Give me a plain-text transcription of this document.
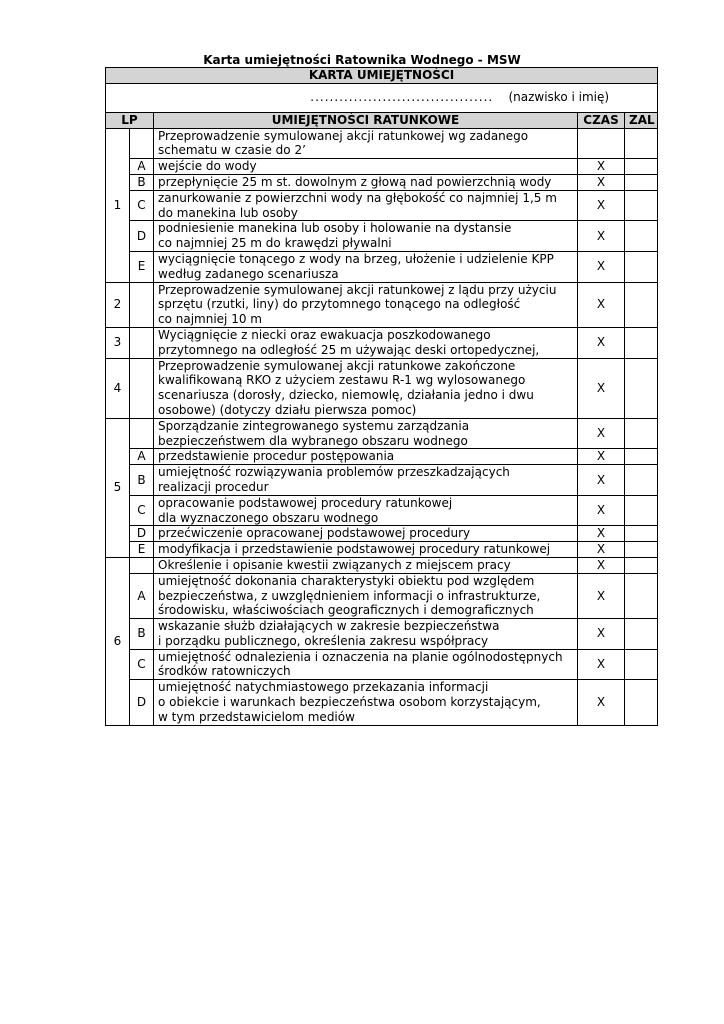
Karta umiejętności Ratownika Wodnego - MSW
KARTA UMIEJĘTNOŚCI				
...................................... (nazwisko i imię)				
LP		UMIEJĘTNOŚCI RATUNKOWE	CZAS	ZAL
1		Przeprowadzenie symulowanej akcji ratunkowej wg zadanego
schematu w czasie do 2’		

	A	wejście do wody	X	
	B	przepłynięcie 25 m st. dowolnym z głową nad powierzchnią wody	X	
	C	zanurkowanie z powierzchni wody na głębokość co najmniej 1,5 m
do manekina lub osoby	X	
	D	podniesienie manekina lub osoby i holowanie na dystansie
co najmniej 25 m do krawędzi pływalni	X	
	E	wyciągnięcie tonącego z wody na brzeg, ułożenie i udzielenie KPP
według zadanego scenariusza	X	
2		Przeprowadzenie symulowanej akcji ratunkowej z lądu przy użyciu
sprzętu (rzutki, liny) do przytomnego tonącego na odległość
co najmniej 10 m	X	
3		Wyciągnięcie z niecki oraz ewakuacja poszkodowanego
przytomnego na odległość 25 m używając deski ortopedycznej,	X	
4		Przeprowadzenie symulowanej akcji ratunkowe zakończone
kwalifikowaną RKO z użyciem zestawu R-1 wg wylosowanego
scenariusza (dorosły, dziecko, niemowlę, działania jedno i dwu
osobowe) (dotyczy działu pierwsza pomoc)	X	
5		Sporządzanie zintegrowanego systemu zarządzania
bezpieczeństwem dla wybranego obszaru wodnego	X	
	A	przedstawienie procedur postępowania	X	
	B	umiejętność rozwiązywania problemów przeszkadzających
realizacji procedur	X	
	C	opracowanie podstawowej procedury ratunkowej
dla wyznaczonego obszaru wodnego	X	
	D	przećwiczenie opracowanej podstawowej procedury	X	
	E	modyfikacja i przedstawienie podstawowej procedury ratunkowej	X	
6		Określenie i opisanie kwestii związanych z miejscem pracy	X	
	A	umiejętność dokonania charakterystyki obiektu pod względem
bezpieczeństwa, z uwzględnieniem informacji o infrastrukturze,
środowisku, właściwościach geograficznych i demograficznych	X	
	B	wskazanie służb działających w zakresie bezpieczeństwa
i porządku publicznego, określenia zakresu współpracy	X	
	C	umiejętność odnalezienia i oznaczenia na planie ogólnodostępnych
środków ratowniczych	X	
	D	umiejętność natychmiastowego przekazania informacji
o obiekcie i warunkach bezpieczeństwa osobom korzystającym,
w tym przedstawicielom mediów	X	
